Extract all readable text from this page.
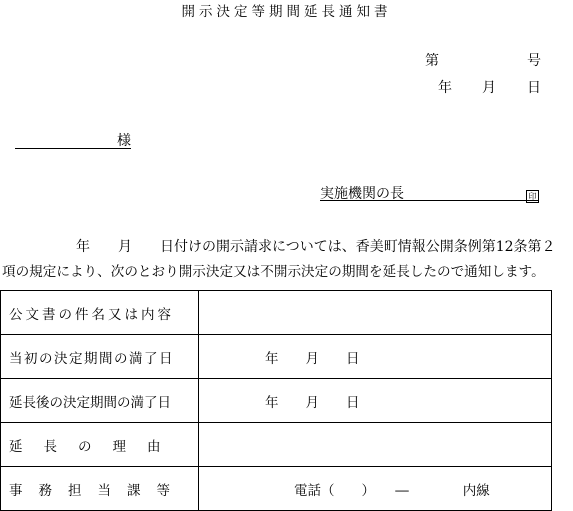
開示決定等期間延長通知書
第	号
年 月 日
様
実施機関の長	印
年 月 日付けの開示請求については、香美町情報公開条例第12条第２
項の規定により、次のとおり開示決定又は不開示決定の期間を延長したので通知します。
公文書の件名又は内容	
当初の決定期間の満了日	年　　月　　日
延長後の決定期間の満了日	年　　月　　日
延長の理由	
事務担当課等	電話（　　）　　―　　　　内線
